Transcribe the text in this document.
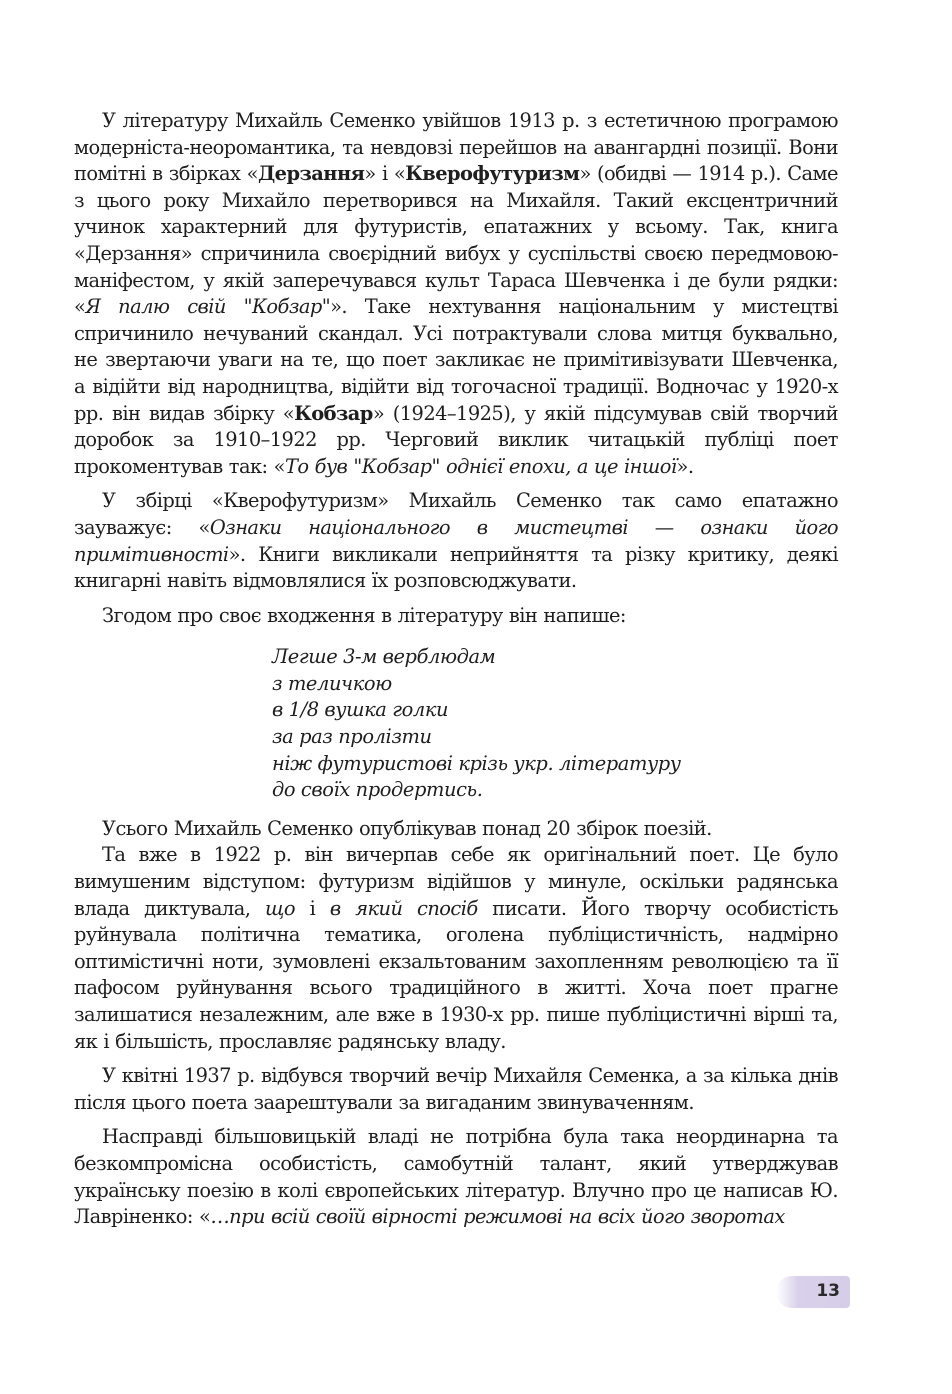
У літературу Михайль Семенко увійшов 1913 р. з естетичною програмою модерніста-неоромантика, та невдовзі перейшов на авангардні позиції. Вони помітні в збірках «Дерзання» і «Кверофутуризм» (обидві — 1914 р.). Саме з цього року Михайло перетворився на Михайля. Такий ексцентричний учинок характерний для футуристів, епатажних у всьому. Так, книга «Дерзання» спричинила своєрідний вибух у суспільстві своєю передмовою-маніфестом, у якій заперечувався культ Тараса Шевченка і де були рядки: «Я палю свій "Кобзар"». Таке нехтування національним у мистецтві спричинило нечуваний скандал. Усі потрактували слова митця буквально, не звертаючи уваги на те, що поет закликає не примітивізувати Шевченка, а відійти від народництва, відійти від тогочасної традиції. Водночас у 1920-х рр. він видав збірку «Кобзар» (1924–1925), у якій підсумував свій творчий доробок за 1910–1922 рр. Черговий виклик читацькій публіці поет прокоментував так: «То був "Кобзар" однієї епохи, а це іншої».

У збірці «Кверофутуризм» Михайль Семенко так само епатажно зауважує: «Ознаки національного в мистецтві — ознаки його примітивності». Книги викликали неприйняття та різку критику, деякі книгарні навіть відмовлялися їх розповсюджувати.

Згодом про своє входження в літературу він напише:

Легше 3-м верблюдам
з теличкою
в 1/8 вушка голки
за раз пролізти
ніж футуристові крізь укр. літературу
до своїх продертись.

Усього Михайль Семенко опублікував понад 20 збірок поезій.

Та вже в 1922 р. він вичерпав себе як оригінальний поет. Це було вимушеним відступом: футуризм відійшов у минуле, оскільки радянська влада диктувала, що і в який спосіб писати. Його творчу особистість руйнувала політична тематика, оголена публіцистичність, надмірно оптимістичні ноти, зумовлені екзальтованим захопленням революцією та її пафосом руйнування всього традиційного в житті. Хоча поет прагне залишатися незалежним, але вже в 1930-х рр. пише публіцистичні вірші та, як і більшість, прославляє радянську владу.

У квітні 1937 р. відбувся творчий вечір Михайля Семенка, а за кілька днів після цього поета заарештували за вигаданим звинуваченням.

Насправді більшовицькій владі не потрібна була така неординарна та безкомпромісна особистість, самобутній талант, який утверджував українську поезію в колі європейських літератур. Влучно про це написав Ю. Лавріненко: «…при всій своїй вірності режимові на всіх його зворотах

13
